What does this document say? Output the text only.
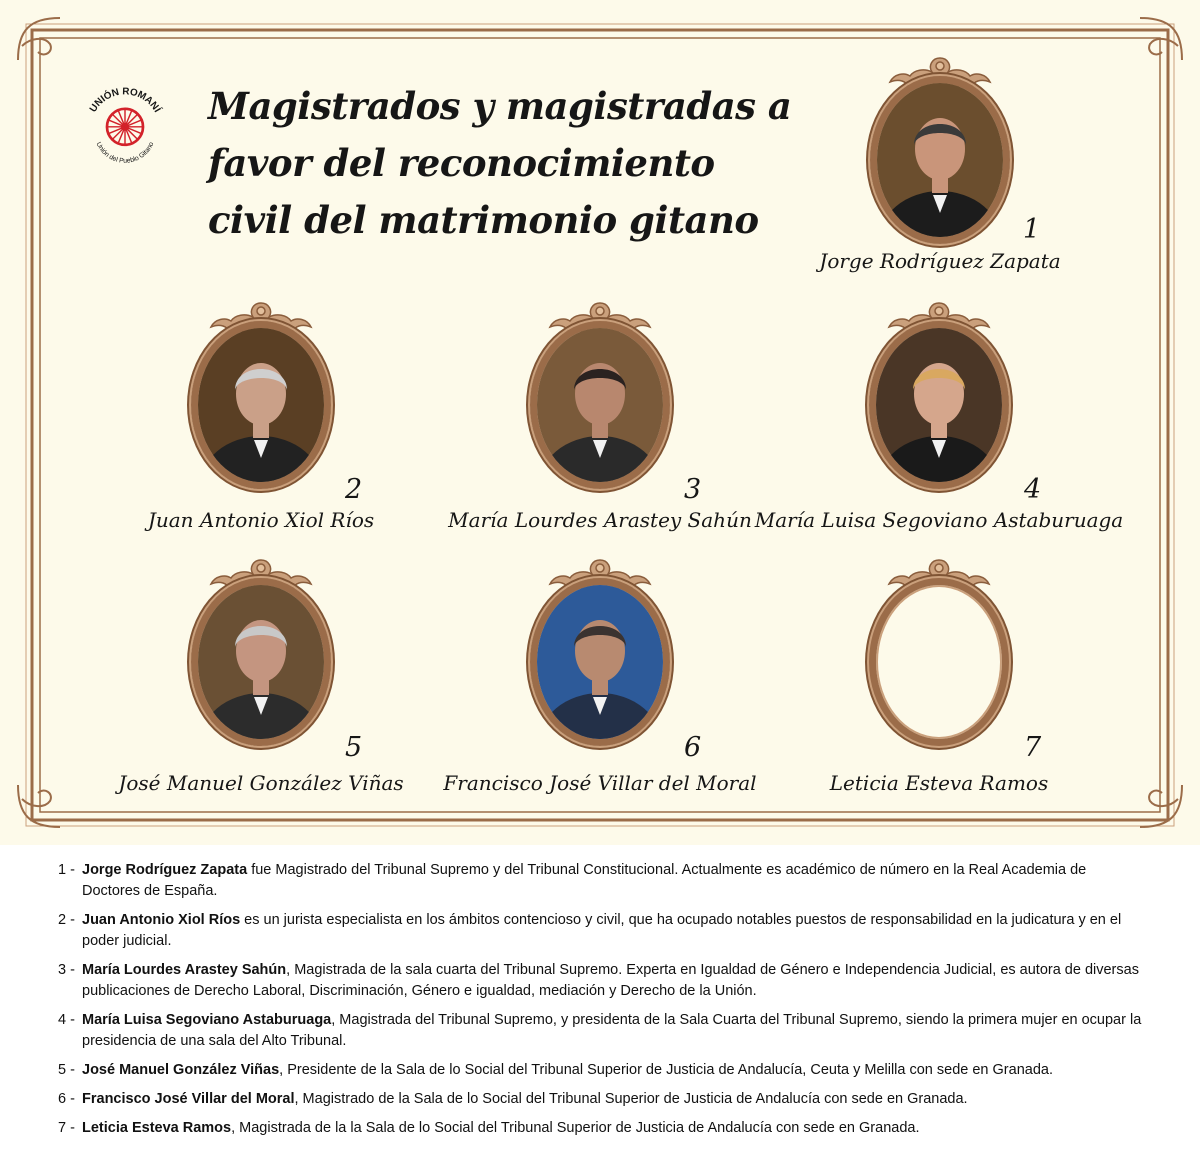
UNIÓN ROMANÍ
Unión del Pueblo Gitano
Magistrados y magistradas a
favor del reconocimiento
civil del matrimonio gitano	1
Jorge Rodríguez Zapata
2
Juan Antonio Xiol Ríos
3
María Lourdes Arastey Sahún
4
María Luisa Segoviano Astaburuaga
5
José Manuel González Viñas
6
Francisco José Villar del Moral
7
Leticia Esteva Ramos
1 - Jorge Rodríguez Zapata fue Magistrado del Tribunal Supremo y del Tribunal Constitucional. Actualmente es académico de número en la Real Academia de Doctores de España.
2 - Juan Antonio Xiol Ríos es un jurista especialista en los ámbitos contencioso y civil, que ha ocupado notables puestos de responsabilidad en la judicatura y en el poder judicial.
3 - María Lourdes Arastey Sahún, Magistrada de la sala cuarta del Tribunal Supremo. Experta en Igualdad de Género e Independencia Judicial, es autora de diversas publicaciones de Derecho Laboral, Discriminación, Género e igualdad, mediación y Derecho de la Unión.
4 - María Luisa Segoviano Astaburuaga, Magistrada del Tribunal Supremo, y presidenta de la Sala Cuarta del Tribunal Supremo, siendo la primera mujer en ocupar la presidencia de una sala del Alto Tribunal.
5 - José Manuel González Viñas, Presidente de la Sala de lo Social del Tribunal Superior de Justicia de Andalucía, Ceuta y Melilla con sede en Granada.
6 - Francisco José Villar del Moral, Magistrado de la Sala de lo Social del Tribunal Superior de Justicia de Andalucía con sede en Granada.
7 - Leticia Esteva Ramos, Magistrada de la la Sala de lo Social del Tribunal Superior de Justicia de Andalucía con sede en Granada.
